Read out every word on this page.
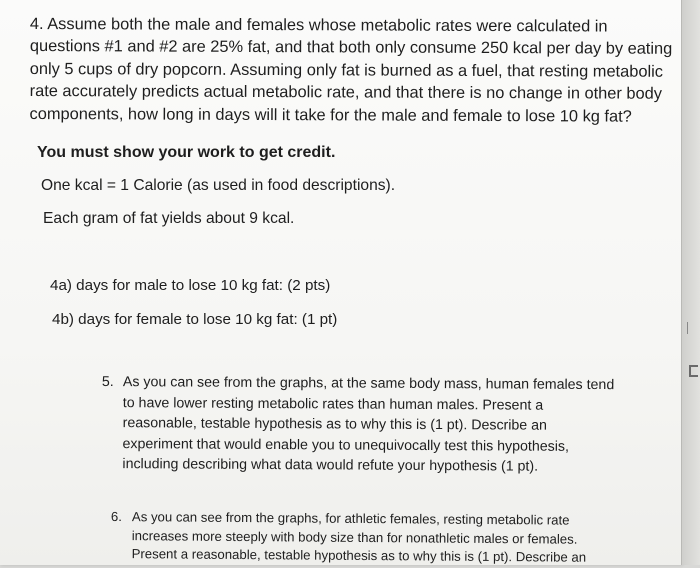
4. Assume both the male and females whose metabolic rates were calculated in
questions #1 and #2 are 25% fat, and that both only consume 250 kcal per day by eating
only 5 cups of dry popcorn. Assuming only fat is burned as a fuel, that resting metabolic
rate accurately predicts actual metabolic rate, and that there is no change in other body
components, how long in days will it take for the male and female to lose 10 kg fat?
You must show your work to get credit.
One kcal = 1 Calorie (as used in food descriptions).
Each gram of fat yields about 9 kcal.
4a) days for male to lose 10 kg fat: (2 pts)
4b) days for female to lose 10 kg fat: (1 pt)
5. As you can see from the graphs, at the same body mass, human females tend
to have lower resting metabolic rates than human males. Present a
reasonable, testable hypothesis as to why this is (1 pt). Describe an
experiment that would enable you to unequivocally test this hypothesis,
including describing what data would refute your hypothesis (1 pt).
6. As you can see from the graphs, for athletic females, resting metabolic rate
increases more steeply with body size than for nonathletic males or females.
Present a reasonable, testable hypothesis as to why this is (1 pt). Describe an
